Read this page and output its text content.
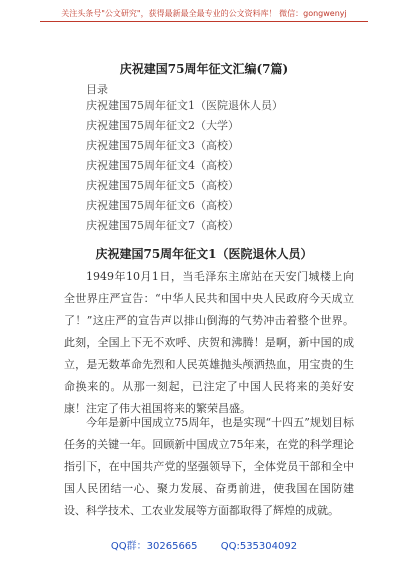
关注头条号"公文研究"，获得最新最全最专业的公文资料库！ 微信：gongwenyj
庆祝建国75周年征文汇编(7篇)
目录
庆祝建国75周年征文1（医院退休人员）
庆祝建国75周年征文2（大学）
庆祝建国75周年征文3（高校）
庆祝建国75周年征文4（高校）
庆祝建国75周年征文5（高校）
庆祝建国75周年征文6（高校）
庆祝建国75周年征文7（高校）
庆祝建国75周年征文1（医院退休人员）

1949年10月1日，当毛泽东主席站在天安门城楼上向全世界庄严宣告：“中华人民共和国中央人民政府今天成立了！”这庄严的宣告声以排山倒海的气势冲击着整个世界。此刻，全国上下无不欢呼、庆贺和沸腾！是啊，新中国的成立，是无数革命先烈和人民英雄抛头颅洒热血，用宝贵的生命换来的。从那一刻起，已注定了中国人民将来的美好安康！注定了伟大祖国将来的繁荣昌盛。

今年是新中国成立75周年，也是实现“十四五”规划目标任务的关键一年。回顾新中国成立75年来，在党的科学理论指引下，在中国共产党的坚强领导下，全体党员干部和全中国人民团结一心、聚力发展、奋勇前进，使我国在国防建设、科学技术、工农业发展等方面都取得了辉煌的成就。

QQ群：30265665 QQ:535304092
